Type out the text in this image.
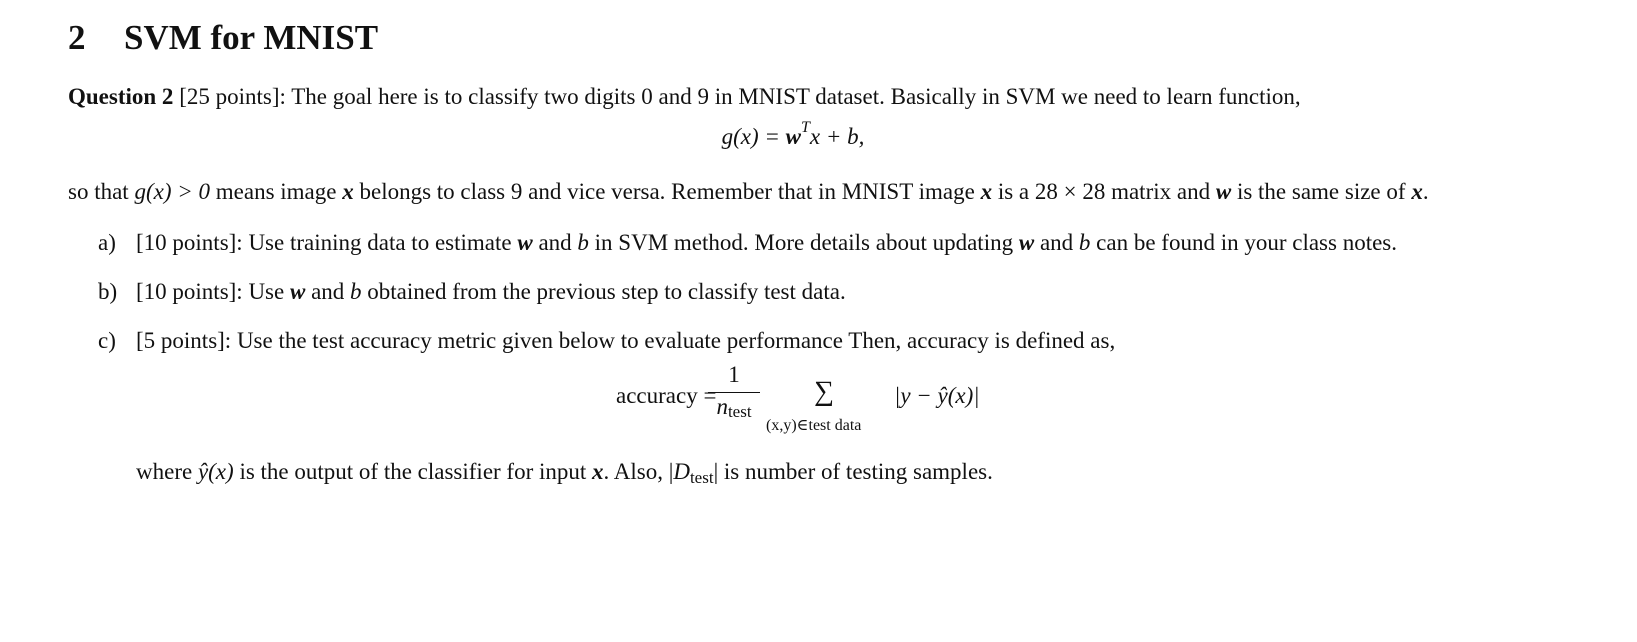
2 SVM for MNIST

Question 2 [25 points]: The goal here is to classify two digits 0 and 9 in MNIST dataset. Basically in SVM we need to learn function,

$g(x) = w^Tx + b$,

so that g(x) > 0 means image x belongs to class 9 and vice versa. Remember that in MNIST image x is a 28 × 28 matrix and w is the same size of x.

a) [10 points]: Use training data to estimate w and b in SVM method. More details about updating w and b can be found in your class notes.
b) [10 points]: Use w and b obtained from the previous step to classify test data.
c) [5 points]: Use the test accuracy metric given below to evaluate performance Then, accuracy is defined as,
accuracy =
1
$n_{test}$
∑
(x,y)∈test data
|y − ŷ(x)|

where ŷ(x) is the output of the classifier for input x. Also, |Dtest| is number of testing samples.
